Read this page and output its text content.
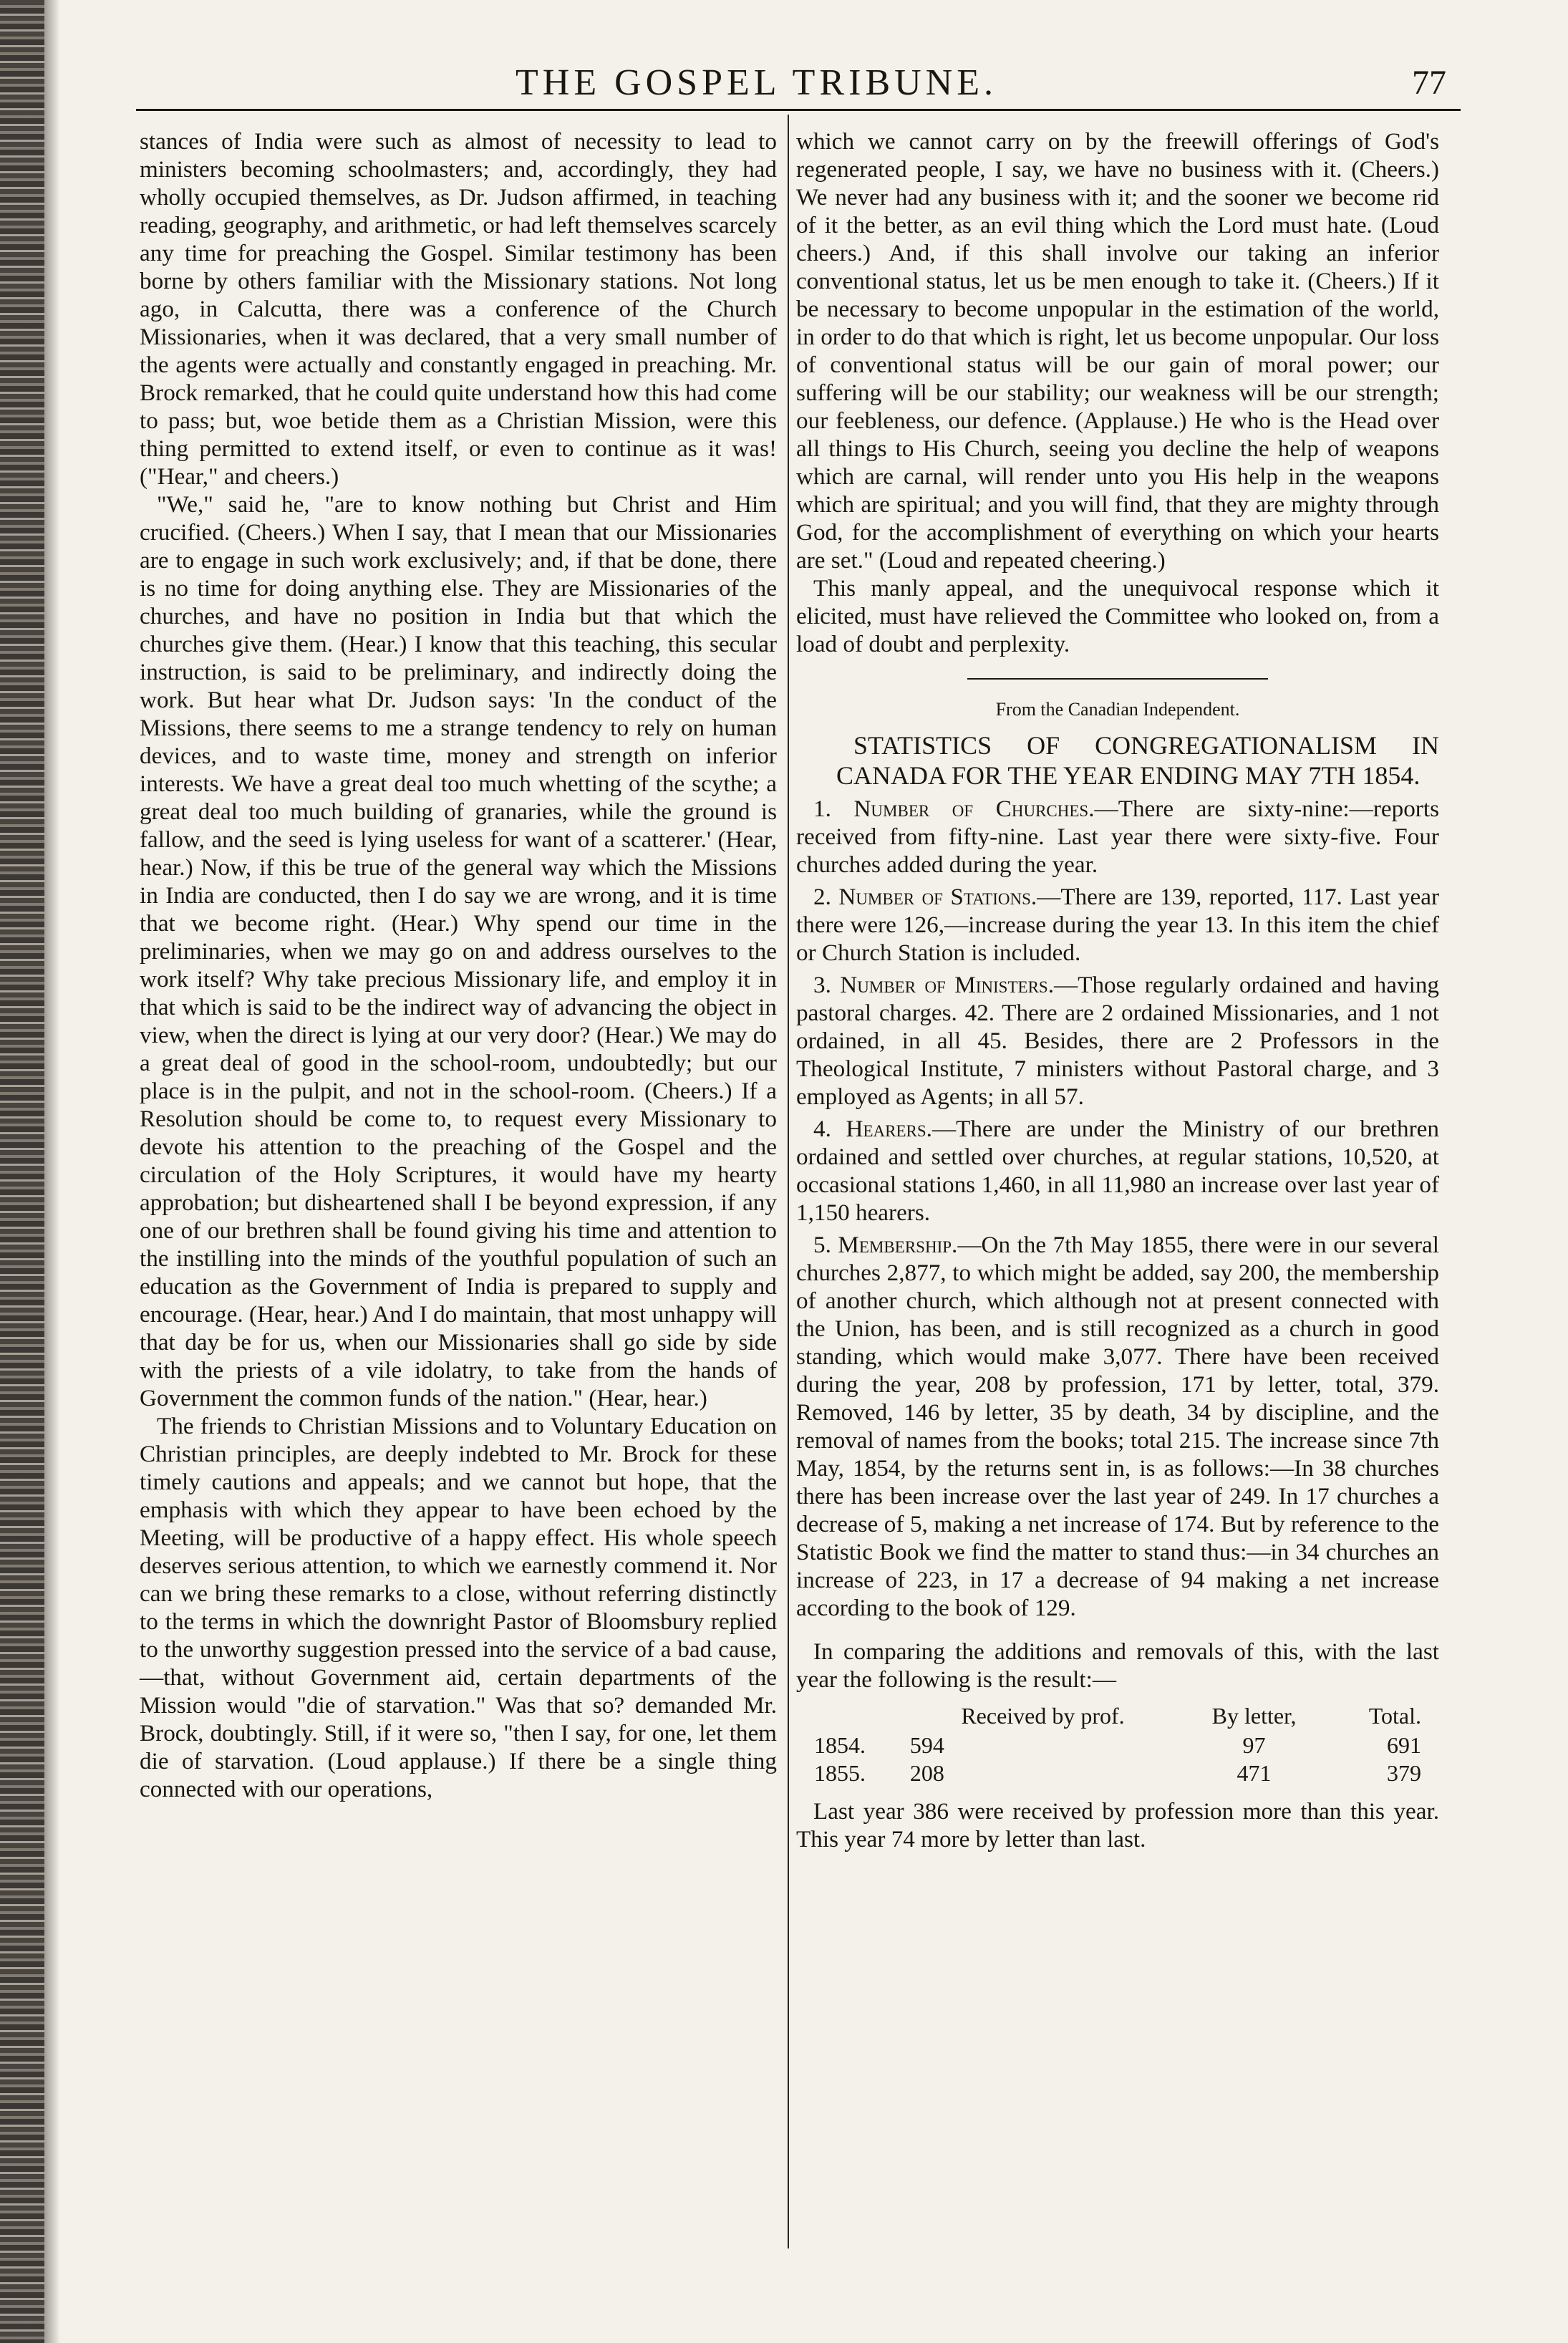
THE GOSPEL TRIBUNE.	77

stances of India were such as almost of necessity to lead to ministers becoming schoolmasters; and, accordingly, they had wholly occupied themselves, as Dr. Judson affirmed, in teaching reading, geography, and arithmetic, or had left themselves scarcely any time for preaching the Gospel. Similar testimony has been borne by others familiar with the Missionary stations. Not long ago, in Calcutta, there was a conference of the Church Missionaries, when it was declared, that a very small number of the agents were actually and constantly engaged in preaching. Mr. Brock remarked, that he could quite understand how this had come to pass; but, woe betide them as a Christian Mission, were this thing permitted to extend itself, or even to continue as it was! ("Hear," and cheers.)

"We," said he, "are to know nothing but Christ and Him crucified. (Cheers.) When I say, that I mean that our Missionaries are to engage in such work exclusively; and, if that be done, there is no time for doing anything else. They are Missionaries of the churches, and have no position in India but that which the churches give them. (Hear.) I know that this teaching, this secular instruction, is said to be preliminary, and indirectly doing the work. But hear what Dr. Judson says: 'In the conduct of the Missions, there seems to me a strange tendency to rely on human devices, and to waste time, money and strength on inferior interests. We have a great deal too much whetting of the scythe; a great deal too much building of granaries, while the ground is fallow, and the seed is lying useless for want of a scatterer.' (Hear, hear.) Now, if this be true of the general way which the Missions in India are conducted, then I do say we are wrong, and it is time that we become right. (Hear.) Why spend our time in the preliminaries, when we may go on and address ourselves to the work itself? Why take precious Missionary life, and employ it in that which is said to be the indirect way of advancing the object in view, when the direct is lying at our very door? (Hear.) We may do a great deal of good in the school-room, undoubtedly; but our place is in the pulpit, and not in the school-room. (Cheers.) If a Resolution should be come to, to request every Missionary to devote his attention to the preaching of the Gospel and the circulation of the Holy Scriptures, it would have my hearty approbation; but disheartened shall I be beyond expression, if any one of our brethren shall be found giving his time and attention to the instilling into the minds of the youthful population of such an education as the Government of India is prepared to supply and encourage. (Hear, hear.) And I do maintain, that most unhappy will that day be for us, when our Missionaries shall go side by side with the priests of a vile idolatry, to take from the hands of Government the common funds of the nation." (Hear, hear.)

The friends to Christian Missions and to Voluntary Education on Christian principles, are deeply indebted to Mr. Brock for these timely cautions and appeals; and we cannot but hope, that the emphasis with which they appear to have been echoed by the Meeting, will be productive of a happy effect. His whole speech deserves serious attention, to which we earnestly commend it. Nor can we bring these remarks to a close, without referring distinctly to the terms in which the downright Pastor of Bloomsbury replied to the unworthy suggestion pressed into the service of a bad cause,—that, without Government aid, certain departments of the Mission would "die of starvation." Was that so? demanded Mr. Brock, doubtingly. Still, if it were so, "then I say, for one, let them die of starvation. (Loud applause.) If there be a single thing connected with our operations,

which we cannot carry on by the freewill offerings of God's regenerated people, I say, we have no business with it. (Cheers.) We never had any business with it; and the sooner we become rid of it the better, as an evil thing which the Lord must hate. (Loud cheers.) And, if this shall involve our taking an inferior conventional status, let us be men enough to take it. (Cheers.) If it be necessary to become unpopular in the estimation of the world, in order to do that which is right, let us become unpopular. Our loss of conventional status will be our gain of moral power; our suffering will be our stability; our weakness will be our strength; our feebleness, our defence. (Applause.) He who is the Head over all things to His Church, seeing you decline the help of weapons which are carnal, will render unto you His help in the weapons which are spiritual; and you will find, that they are mighty through God, for the accomplishment of everything on which your hearts are set." (Loud and repeated cheering.)

This manly appeal, and the unequivocal response which it elicited, must have relieved the Committee who looked on, from a load of doubt and perplexity.

From the Canadian Independent.

STATISTICS OF CONGREGATIONALISM IN CANADA FOR THE YEAR ENDING MAY 7TH 1854.

1. Number of Churches.—There are sixty-nine:—reports received from fifty-nine. Last year there were sixty-five. Four churches added during the year.

2. Number of Stations.—There are 139, reported, 117. Last year there were 126,—increase during the year 13. In this item the chief or Church Station is included.

3. Number of Ministers.—Those regularly ordained and having pastoral charges. 42. There are 2 ordained Missionaries, and 1 not ordained, in all 45. Besides, there are 2 Professors in the Theological Institute, 7 ministers without Pastoral charge, and 3 employed as Agents; in all 57.

4. Hearers.—There are under the Ministry of our brethren ordained and settled over churches, at regular stations, 10,520, at occasional stations 1,460, in all 11,980 an increase over last year of 1,150 hearers.

5. Membership.—On the 7th May 1855, there were in our several churches 2,877, to which might be added, say 200, the membership of another church, which although not at present connected with the Union, has been, and is still recognized as a church in good standing, which would make 3,077. There have been received during the year, 208 by profession, 171 by letter, total, 379. Removed, 146 by letter, 35 by death, 34 by discipline, and the removal of names from the books; total 215. The increase since 7th May, 1854, by the returns sent in, is as follows:—In 38 churches there has been increase over the last year of 249. In 17 churches a decrease of 5, making a net increase of 174. But by reference to the Statistic Book we find the matter to stand thus:—in 34 churches an increase of 223, in 17 a decrease of 94 making a net increase according to the book of 129.

In comparing the additions and removals of this, with the last year the following is the result:—

	Received by prof.	By letter,	Total.
1854.	594	97	691
1855.	208	471	379

Last year 386 were received by profession more than this year. This year 74 more by letter than last.
